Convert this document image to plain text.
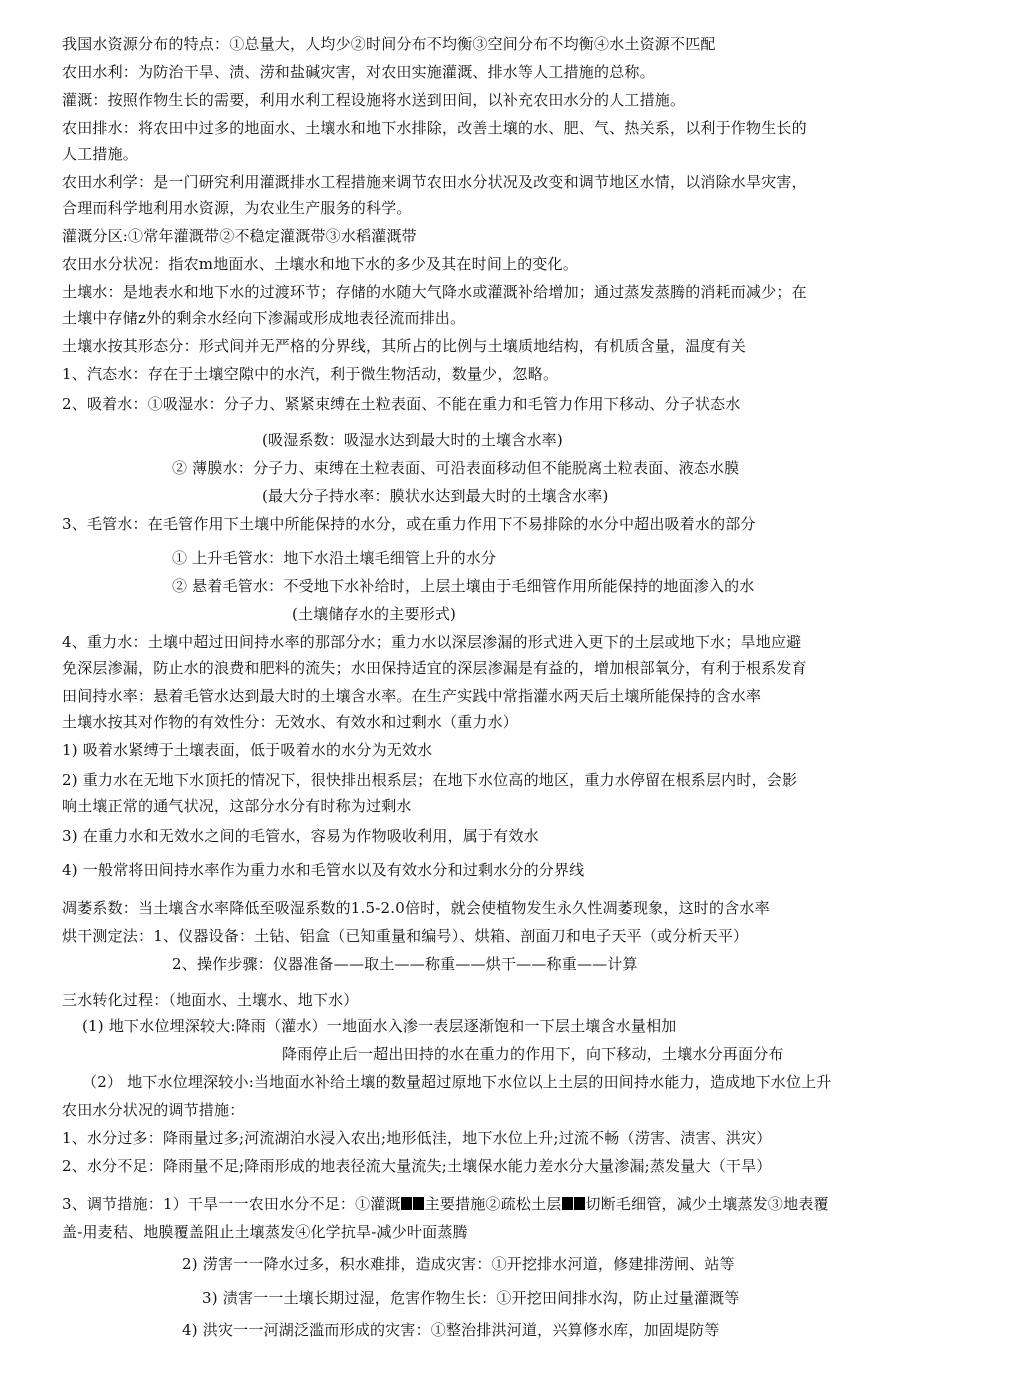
我国水资源分布的特点：①总量大，人均少②时间分布不均衡③空间分布不均衡④水土资源不匹配
农田水利：为防治干旱、渍、涝和盐碱灾害，对农田实施灌溉、排水等人工措施的总称。
灌溉：按照作物生长的需要，利用水利工程设施将水送到田间，以补充农田水分的人工措施。
农田排水：将农田中过多的地面水、土壤水和地下水排除，改善土壤的水、肥、气、热关系，以利于作物生长的
人工措施。
农田水利学：是一门研究利用灌溉排水工程措施来调节农田水分状况及改变和调节地区水情，以消除水旱灾害，
合理而科学地利用水资源，为农业生产服务的科学。
灌溉分区:①常年灌溉带②不稳定灌溉带③水稻灌溉带
农田水分状况：指农m地面水、土壤水和地下水的多少及其在时间上的变化。
土壤水：是地表水和地下水的过渡环节；存储的水随大气降水或灌溉补给增加；通过蒸发蒸腾的消耗而减少；在
土壤中存储z外的剩余水经向下渗漏或形成地表径流而排出。
土壤水按其形态分：形式间并无严格的分界线，其所占的比例与土壤质地结构，有机质含量，温度有关
1、汽态水：存在于土壤空隙中的水汽，利于微生物活动，数量少，忽略。
2、吸着水：①吸湿水：分子力、紧紧束缚在土粒表面、不能在重力和毛管力作用下移动、分子状态水
(吸湿系数：吸湿水达到最大时的土壤含水率)
② 薄膜水：分子力、束缚在土粒表面、可沿表面移动但不能脱离土粒表面、液态水膜
(最大分子持水率：膜状水达到最大时的土壤含水率)
3、毛管水：在毛管作用下土壤中所能保持的水分，或在重力作用下不易排除的水分中超出吸着水的部分
① 上升毛管水：地下水沿土壤毛细管上升的水分
② 悬着毛管水：不受地下水补给时，上层土壤由于毛细管作用所能保持的地面渗入的水
(土壤储存水的主要形式)
4、重力水：土壤中超过田间持水率的那部分水；重力水以深层渗漏的形式进入更下的土层或地下水；旱地应避
免深层渗漏，防止水的浪费和肥料的流失；水田保持适宜的深层渗漏是有益的，增加根部氧分，有利于根系发育
田间持水率：悬着毛管水达到最大时的土壤含水率。在生产实践中常指灌水两天后土壤所能保持的含水率
土壤水按其对作物的有效性分：无效水、有效水和过剩水（重力水）
1) 吸着水紧缚于土壤表面，低于吸着水的水分为无效水
2) 重力水在无地下水顶托的情况下，很快排出根系层；在地下水位高的地区，重力水停留在根系层内时，会影
响土壤正常的通气状况，这部分水分有时称为过剩水
3) 在重力水和无效水之间的毛管水，容易为作物吸收利用，属于有效水
4) 一般常将田间持水率作为重力水和毛管水以及有效水分和过剩水分的分界线
凋萎系数：当土壤含水率降低至吸湿系数的1.5-2.0倍时，就会使植物发生永久性凋萎现象，这时的含水率
烘干测定法：1、仪器设备：土钻、铝盒（已知重量和编号）、烘箱、剖面刀和电子天平（或分析天平）
2、操作步骤：仪器准备——取土——称重——烘干——称重——计算
三水转化过程：（地面水、土壤水、地下水）
(1) 地下水位埋深较大:降雨（灌水）一地面水入渗一表层逐渐饱和一下层土壤含水量相加
降雨停止后一超出田持的水在重力的作用下，向下移动，土壤水分再面分布
（2） 地下水位埋深较小:当地面水补给土壤的数量超过原地下水位以上土层的田间持水能力，造成地下水位上升
农田水分状况的调节措施：
1、水分过多：降雨量过多;河流湖泊水浸入农出;地形低洼，地下水位上升;过流不畅（涝害、渍害、洪灾）
2、水分不足：降雨量不足;降雨形成的地表径流大量流失;土壤保水能力差水分大量渗漏;蒸发量大（干旱）
盖-用麦秸、地膜覆盖阻止土壤蒸发④化学抗旱-减少叶面蒸腾
2) 涝害一一降水过多，积水难排，造成灾害：①开挖排水河道，修建排涝闸、站等
3) 渍害一一土壤长期过湿，危害作物生长：①开挖田间排水沟，防止过量灌溉等
4) 洪灾一一河湖泛滥而形成的灾害：①整治排洪河道，兴算修水库，加固堤防等
3、调节措施：1）干旱一一农田水分不足：①灌溉 主要措施②疏松土层 切断毛细管，减少土壤蒸发③地表覆
